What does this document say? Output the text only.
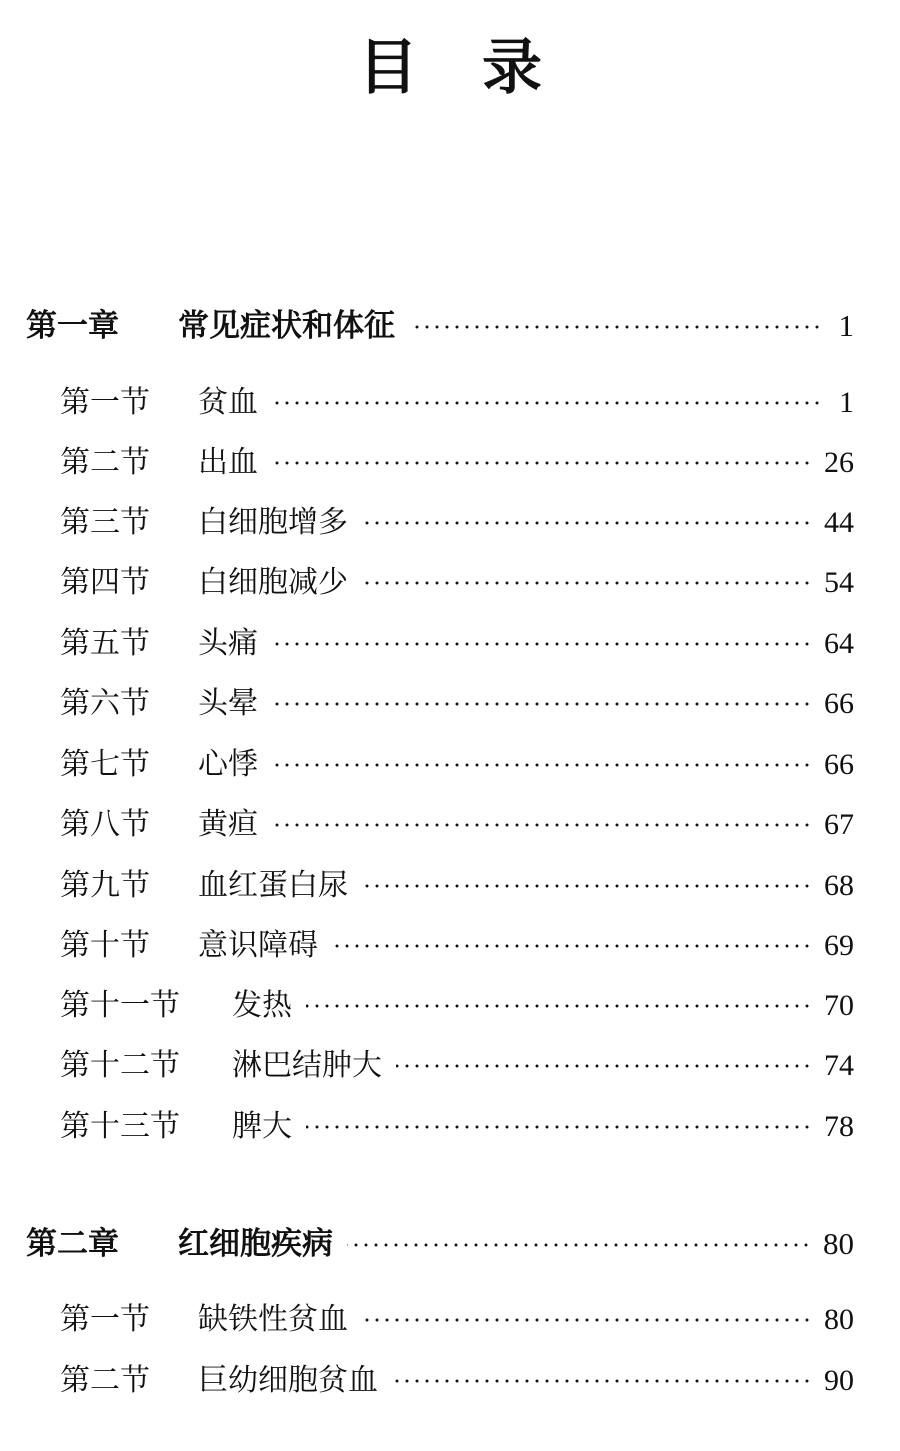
目 录
第一章	常见症状和体征	1
第一节	贫血	1
第二节	出血	26
第三节	白细胞增多	44
第四节	白细胞减少	54
第五节	头痛	64
第六节	头晕	66
第七节	心悸	66
第八节	黄疸	67
第九节	血红蛋白尿	68
第十节	意识障碍	69
第十一节	发热	70
第十二节	淋巴结肿大	74
第十三节	脾大	78
第二章	红细胞疾病	80
第一节	缺铁性贫血	80
第二节	巨幼细胞贫血	90
